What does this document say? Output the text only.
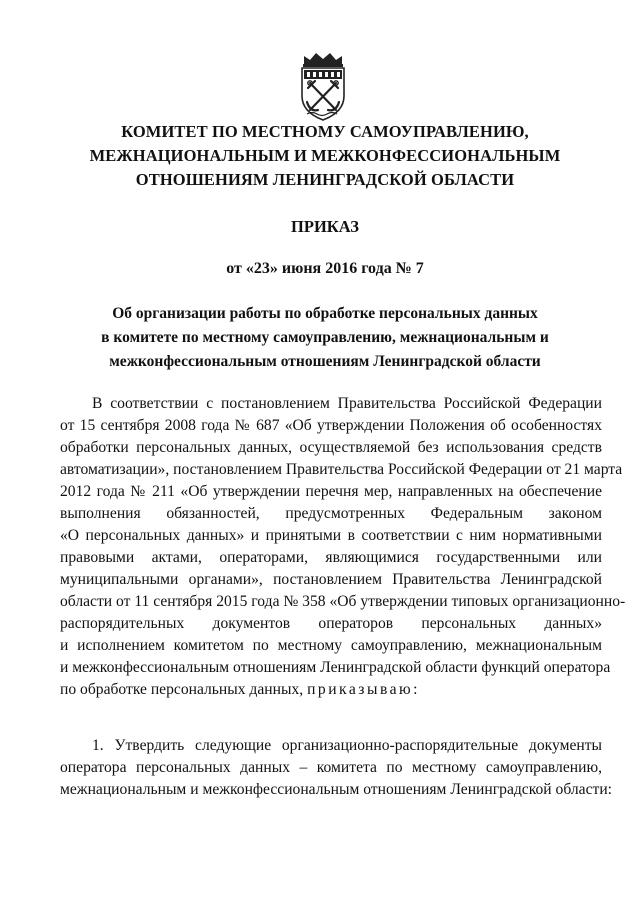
КОМИТЕТ ПО МЕСТНОМУ САМОУПРАВЛЕНИЮ,
МЕЖНАЦИОНАЛЬНЫМ И МЕЖКОНФЕССИОНАЛЬНЫМ
ОТНОШЕНИЯМ ЛЕНИНГРАДСКОЙ ОБЛАСТИ
ПРИКАЗ
от «23» июня 2016 года № 7
Об организации работы по обработке персональных данных
в комитете по местному самоуправлению, межнациональным и
межконфессиональным отношениям Ленинградской области
В соответствии с постановлением Правительства Российской Федерации
от 15 сентября 2008 года № 687 «Об утверждении Положения об особенностях
обработки персональных данных, осуществляемой без использования средств
автоматизации», постановлением Правительства Российской Федерации от 21 марта
2012 года № 211 «Об утверждении перечня мер, направленных на обеспечение
выполнения обязанностей, предусмотренных Федеральным законом
«О персональных данных» и принятыми в соответствии с ним нормативными
правовыми актами, операторами, являющимися государственными или
муниципальными органами», постановлением Правительства Ленинградской
области от 11 сентября 2015 года № 358 «Об утверждении типовых организационно-
распорядительных документов операторов персональных данных»
и исполнением комитетом по местному самоуправлению, межнациональным
и межконфессиональным отношениям Ленинградской области функций оператора
по обработке персональных данных, приказываю:
1. Утвердить следующие организационно-распорядительные документы
оператора персональных данных – комитета по местному самоуправлению,
межнациональным и межконфессиональным отношениям Ленинградской области:
